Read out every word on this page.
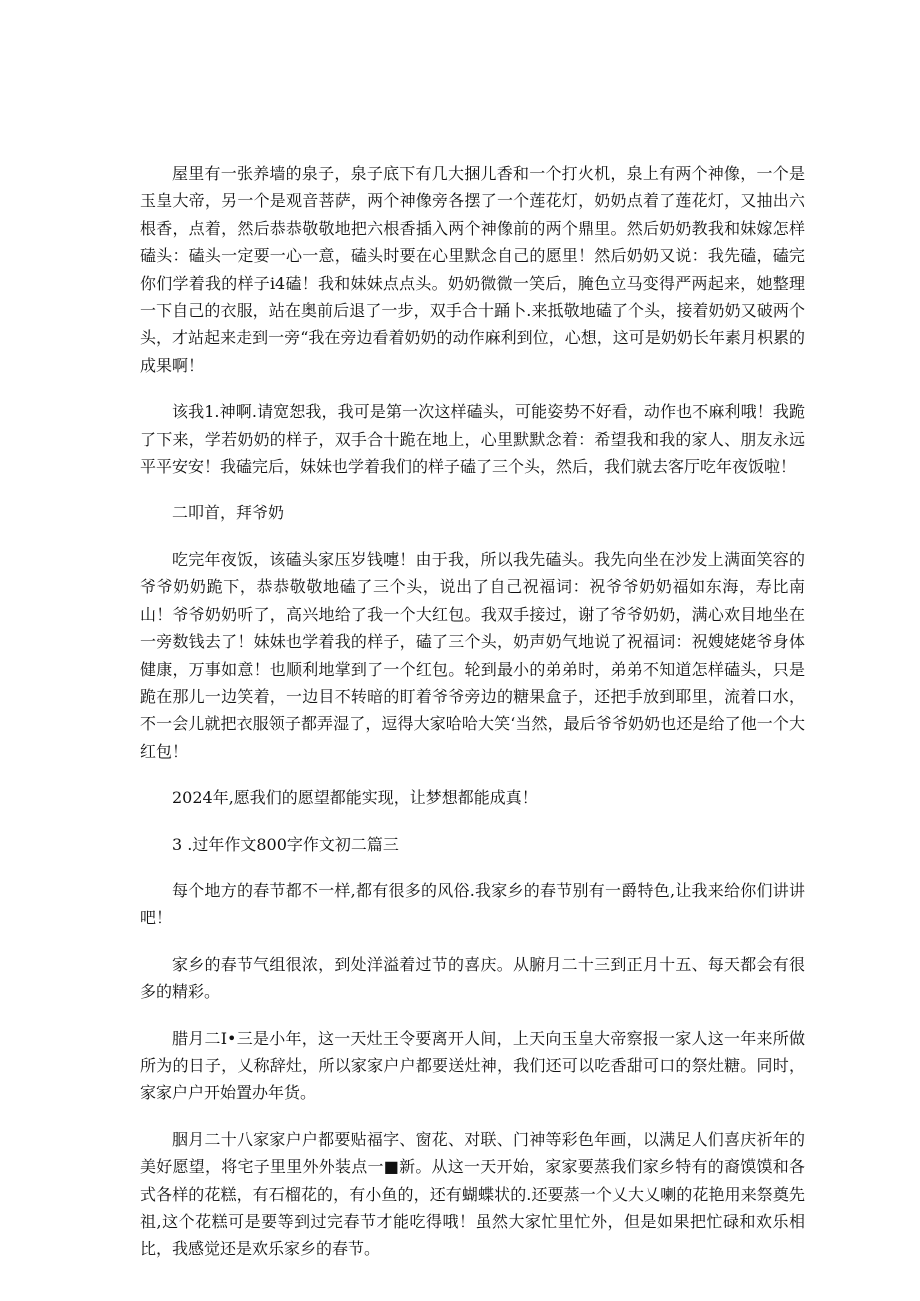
屋里有一张养墙的泉子，泉子底下有几大捆儿香和一个打火机，泉上有两个神像，一个是玉皇大帝，另一个是观音菩萨，两个神像旁各摆了一个莲花灯，奶奶点着了莲花灯，又抽出六根香，点着，然后恭恭敬敬地把六根香插入两个神像前的两个鼎里。然后奶奶教我和妹嫁怎样磕头：磕头一定要一心一意，磕头时要在心里默念自己的愿里！然后奶奶又说：我先磕，磕完你们学着我的样子i4磕！我和妹妹点点头。奶奶微微一笑后，腌色立马变得严两起来，她整理一下自己的衣服，站在奥前后退了一步，双手合十踊卜.来抵敬地磕了个头，接着奶奶又破两个头，才站起来走到一旁“我在旁边看着奶奶的动作麻利到位，心想，这可是奶奶长年素月枳累的成果啊！

该我1.神啊.请宽恕我，我可是第一次这样磕头，可能姿势不好看，动作也不麻利哦！我跪了下来，学若奶奶的样子，双手合十跪在地上，心里默默念着：希望我和我的家人、朋友永远平平安安！我磕完后，妹妹也学着我们的样子磕了三个头，然后，我们就去客厅吃年夜饭啦！

二叩首，拜爷奶

吃完年夜饭，该磕头家压岁钱嚏！由于我，所以我先磕头。我先向坐在沙发上满面笑容的爷爷奶奶跪下，恭恭敬敬地磕了三个头，说出了自己祝福词：祝爷爷奶奶福如东海，寿比南山！爷爷奶奶听了，高兴地给了我一个大红包。我双手接过，谢了爷爷奶奶，满心欢目地坐在一旁数钱去了！妹妹也学着我的样子，磕了三个头，奶声奶气地说了祝福词：祝嫂姥姥爷身体健康，万事如意！也顺利地掌到了一个红包。轮到最小的弟弟时，弟弟不知道怎样磕头，只是跪在那儿一边笑着，一边目不转暗的盯着爷爷旁边的糖果盒子，还把手放到耶里，流着口水，不一会儿就把衣服领子都弄湿了，逗得大家哈哈大笑‘当然，最后爷爷奶奶也还是给了他一个大红包！

2024年,愿我们的愿望都能实现，让梦想都能成真！

3 .过年作文800字作文初二篇三

每个地方的春节都不一样,都有很多的风俗.我家乡的春节别有一爵特色,让我来给你们讲讲吧！

家乡的春节气组很浓，到处洋溢着过节的喜庆。从腑月二十三到正月十五、每天都会有很多的精彩。

腊月二I•三是小年，这一天灶王令要离开人间，上天向玉皇大帝察报一家人这一年来所做所为的日子，乂称辞灶，所以家家户户都要送灶神，我们还可以吃香甜可口的祭灶糖。同时，家家户户开始置办年货。

胭月二十八家家户户都要贴福字、窗花、对联、门神等彩色年画，以满足人们喜庆祈年的美好愿望，将宅子里里外外装点一■新。从这一天开始，家家要蒸我们家乡特有的裔馍馍和各式各样的花糕，有石榴花的，有小鱼的，还有蝴蝶状的.还要蒸一个乂大乂喇的花艳用来祭奠先祖,这个花糕可是要等到过完春节才能吃得哦！虽然大家忙里忙外，但是如果把忙碌和欢乐相比，我感觉还是欢乐家乡的春节。
